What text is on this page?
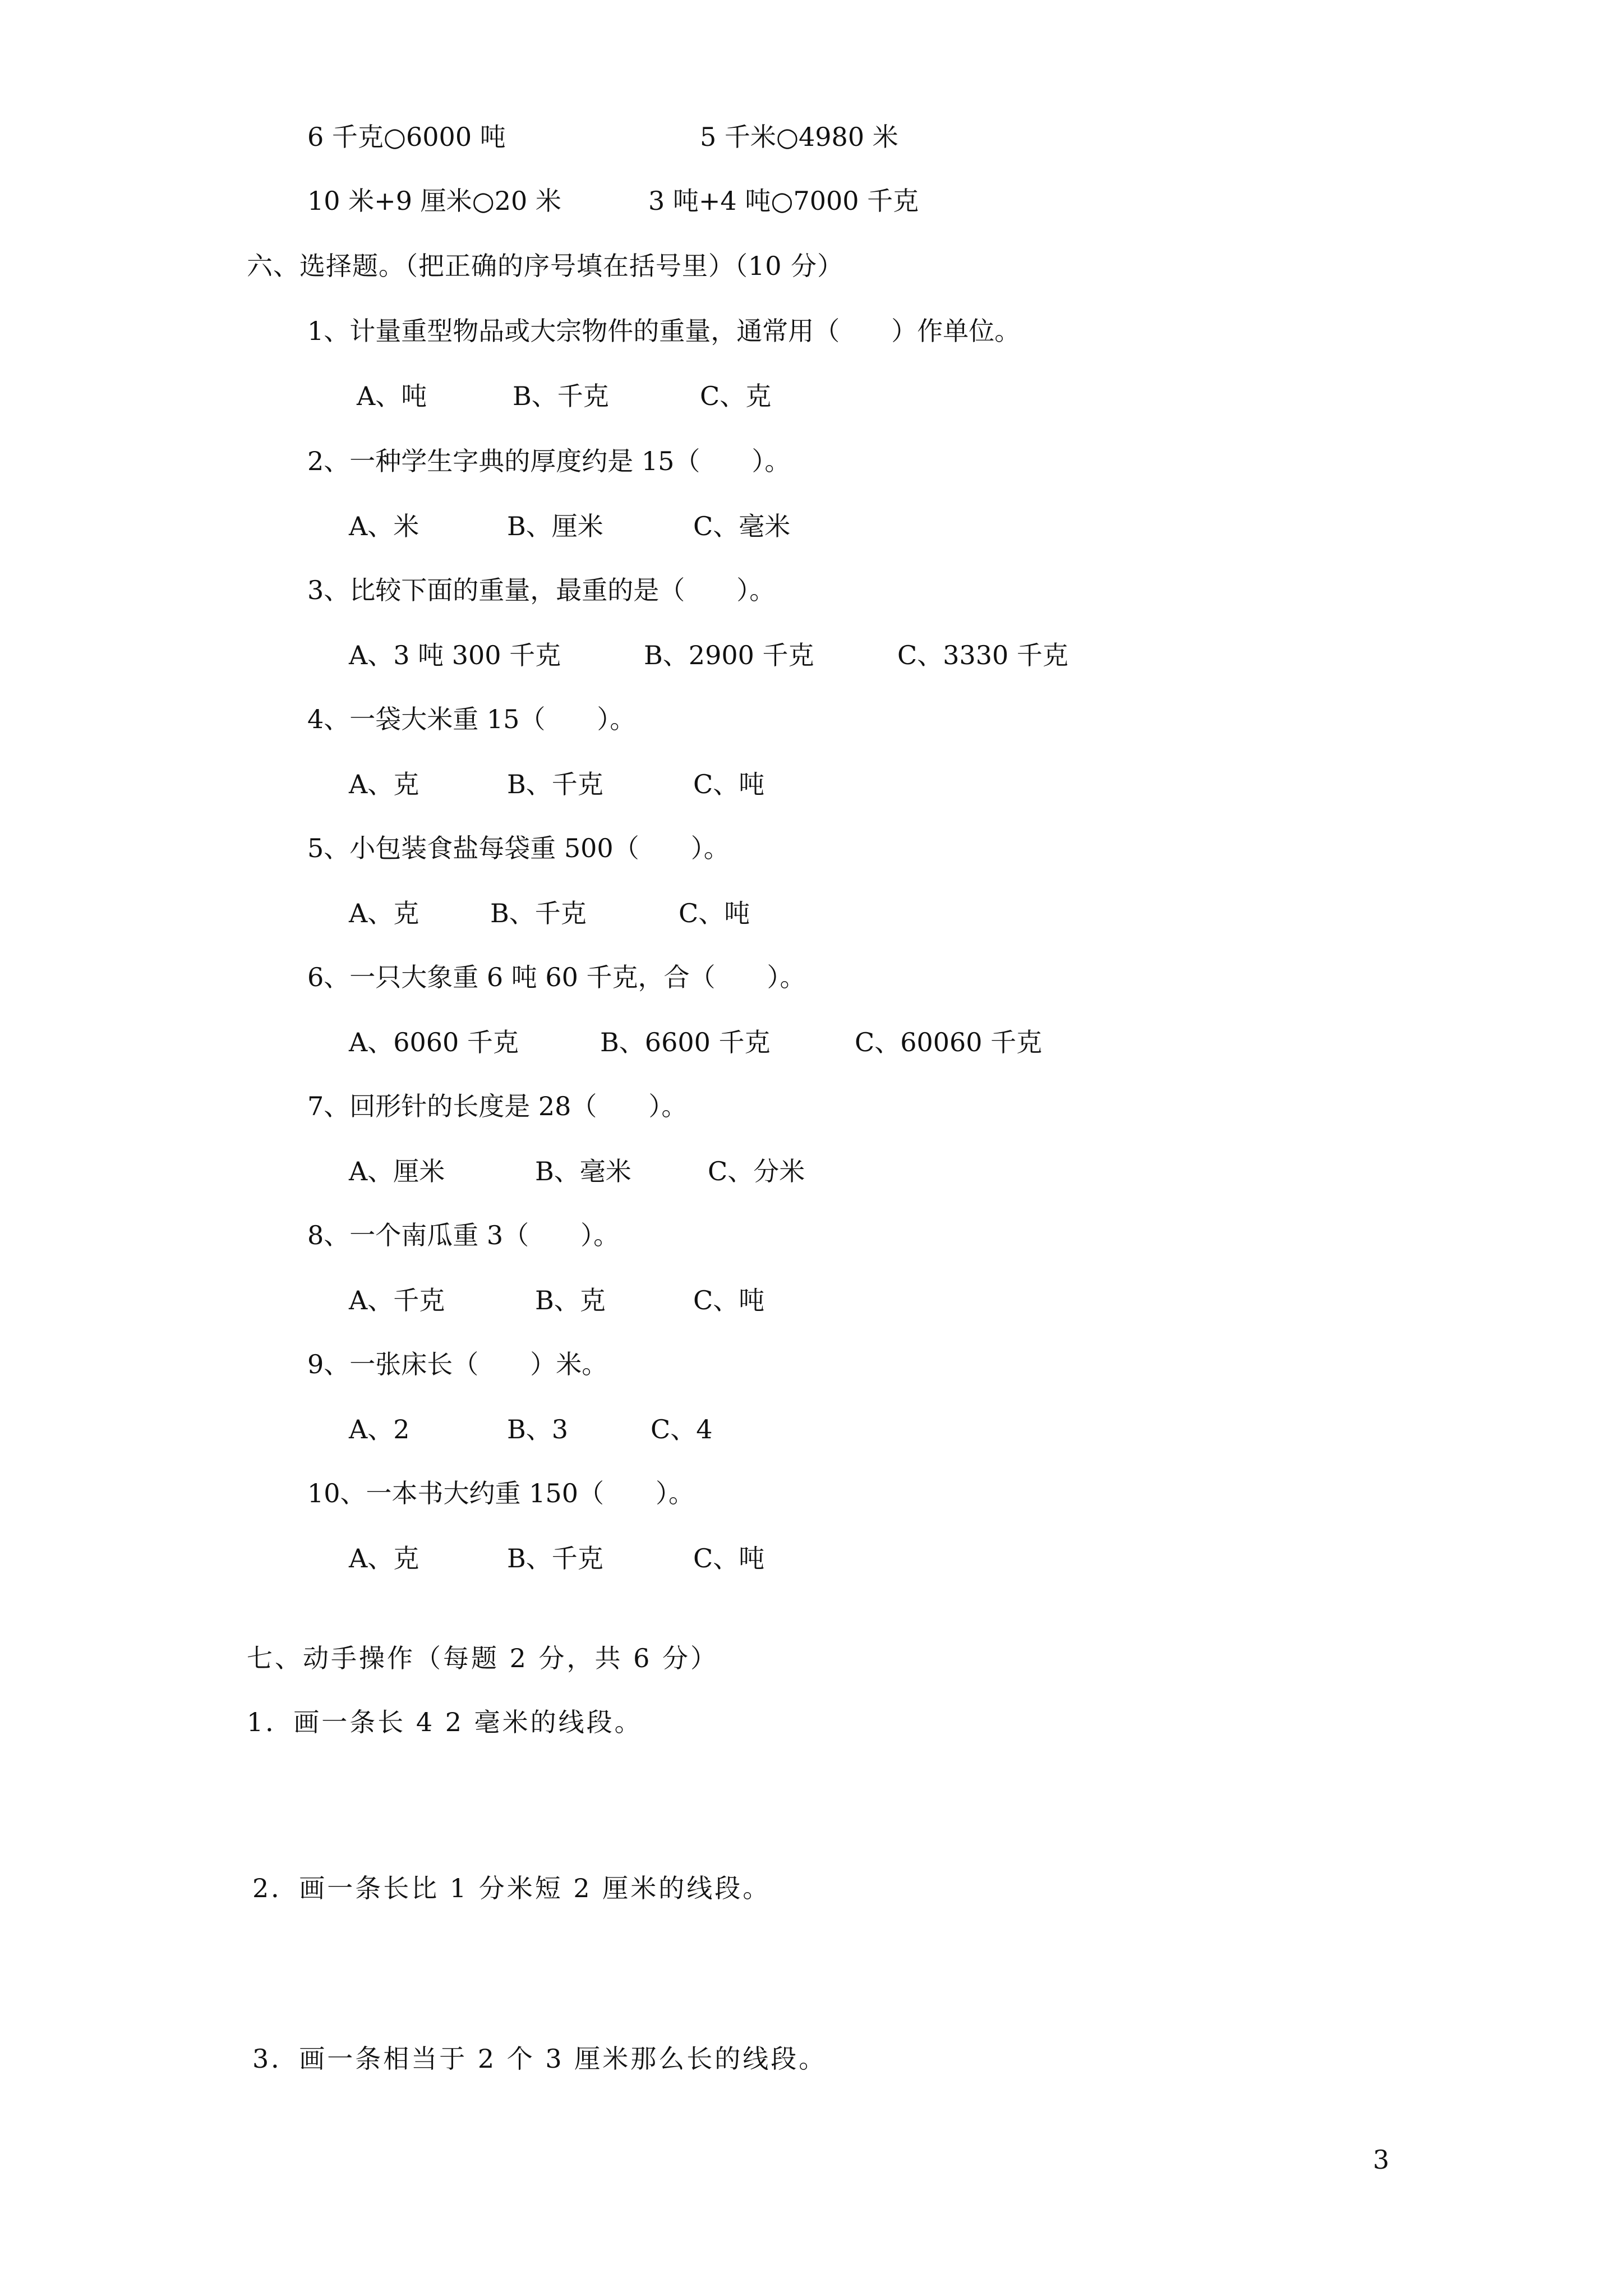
6 千克○6000 吨	5 千米○4980 米
10 米+9 厘米○20 米	3 吨+4 吨○7000 千克
六、选择题。（把正确的序号填在括号里）（10 分）
1、计量重型物品或大宗物件的重量，通常用（　　）作单位。
A、吨	B、千克	C、克
2、一种学生字典的厚度约是 15（　　）。
A、米	B、厘米	C、毫米
3、比较下面的重量，最重的是（　　）。
A、3 吨 300 千克	B、2900 千克	C、3330 千克
4、一袋大米重 15（　　）。
A、克	B、千克	C、吨
5、小包装食盐每袋重 500（　　）。
A、克	B、千克	C、吨
6、一只大象重 6 吨 60 千克，合（　　）。
A、6060 千克	B、6600 千克	C、60060 千克
7、回形针的长度是 28（　　）。
A、厘米	B、毫米	C、分米
8、一个南瓜重 3（　　）。
A、千克	B、克	C、吨
9、一张床长（　　）米。
A、2	B、3	C、4
10、一本书大约重 150（　　）。
A、克	B、千克	C、吨
七、动手操作（每题 2 分，共 6 分）
1．画一条长 4 2 毫米的线段。
2．画一条长比 1 分米短 2 厘米的线段。
3．画一条相当于 2 个 3 厘米那么长的线段。
3
